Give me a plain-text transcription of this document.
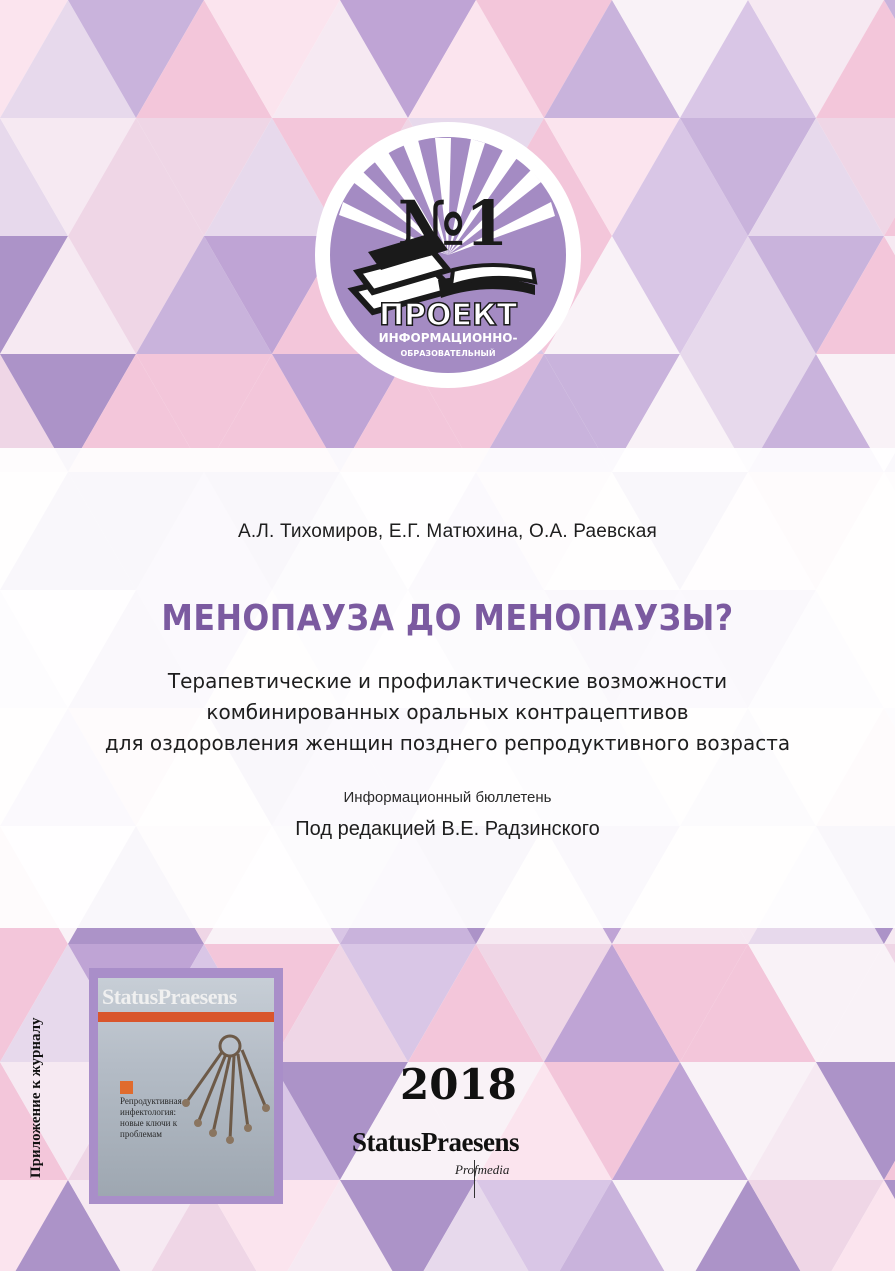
№1
ПРОЕКТ
ИНФОРМАЦИОННО-
ОБРАЗОВАТЕЛЬНЫЙ
А.Л. Тихомиров, Е.Г. Матюхина, О.А. Раевская
МЕНОПАУЗА ДО МЕНОПАУЗЫ?
Терапевтические и профилактические возможности
комбинированных оральных контрацептивов
для оздоровления женщин позднего репродуктивного возраста
Информационный бюллетень
Под редакцией В.Е. Радзинского
Приложение к журналу
StatusPraesens
Репродуктивная инфектология: новые ключи к проблемам
2018
StatusPraesens
Profmedia
